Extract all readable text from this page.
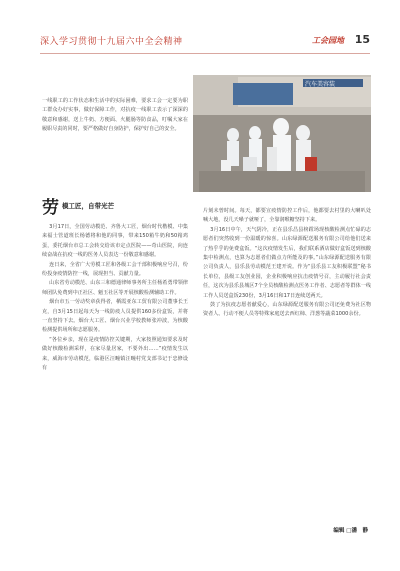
深入学习贯彻十九届六中全会精神	工会园地 15
汽车美容装

一线职工的工作状态和生活中的实际困难，要求工会一定要为职工群众办好实事，做好保障工作，对抗疫一线职工表示了深深的敬意和感谢，送上牛奶、方便面、火腿肠等防食品，叮嘱大家在履职尽责的同时，要严格做好自身防护，保护好自己的安全。

劳 模工匠，自带光芒

3月17日，全国劳动模范、齐鲁大工匠，烟台时代楷模、中集来福士管道班长杨德将和他的同事，带来150箱牛奶和50箱鸡蛋，委托烟台市总工会转交给该市定点医院——奇山医院，向连续奋战在抗疫一线的医务人员表达一份敬意和感谢。

连日来，全省广大劳模工匠和各级工会干部积极响应号召，纷纷投身疫情防控一线，展现担当、贡献力量。

山东省劳动模范、山东三和德通律师事务所主任杨希勇带领律师团队免费到中正社区、魁玉社区等开展核酸检测辅助工作。

烟台市五一劳动奖章获得者，栖霞亚东工贸有限公司董事长王克，自3月15日起每天为一线防疫人员提供160多份盒饭，并将一直坚持下去。烟台大工匠、烟台兴业学校教师张冲波，为核酸检测提供场所和志愿服务。

“各位乡亲，现在是疫情防控关键期，大家按照通知要求及时做好核酸检测采样，在家尽量居家，不要外出……”疫情发生以来，威海市劳动模范，临港区汪疃镇汪疃村党支部书记于忠修设有

片刻未曾时间。每天，都要宣疫情防控工作后，他都要去村里的大喇叭处喊大地，没几天嗓子就哑了，全靠润喉糖坚持下来。

3月16日中午，天气阴冷，正在县乐昌县榜蹚场现核酸检测点忙碌的志愿者们突然收到一份温暖的惊喜。山东绿源配送服务有限公司给他们送来了热乎乎的免费盒饭。“这次疫情发生后，我们联系酒店做好盒饭送到核酸集中检测点，也算为志愿者们做点力所能及的事。”山东绿源配送服务有限公司负责人，县乐县劳动模范王建开说。作为“县乐县工友积极联盟”秘书长单位，县级工友创业园，企业积极响应抗击疫情号召，主动履行社会责任，这次为县乐县城区7个全员核酸检测点医务工作者、志愿者等群体一线工作人员送盒饭230份，3月16日和17日连续送两天。

鼓了为抗疫志愿者献爱心，山东绿源配送服务有限公司还免费为社区物资者人、行动不便人员等特殊家庭送去西红柿、洋葱等蔬菜1000余份。

编辑 □潘　静
